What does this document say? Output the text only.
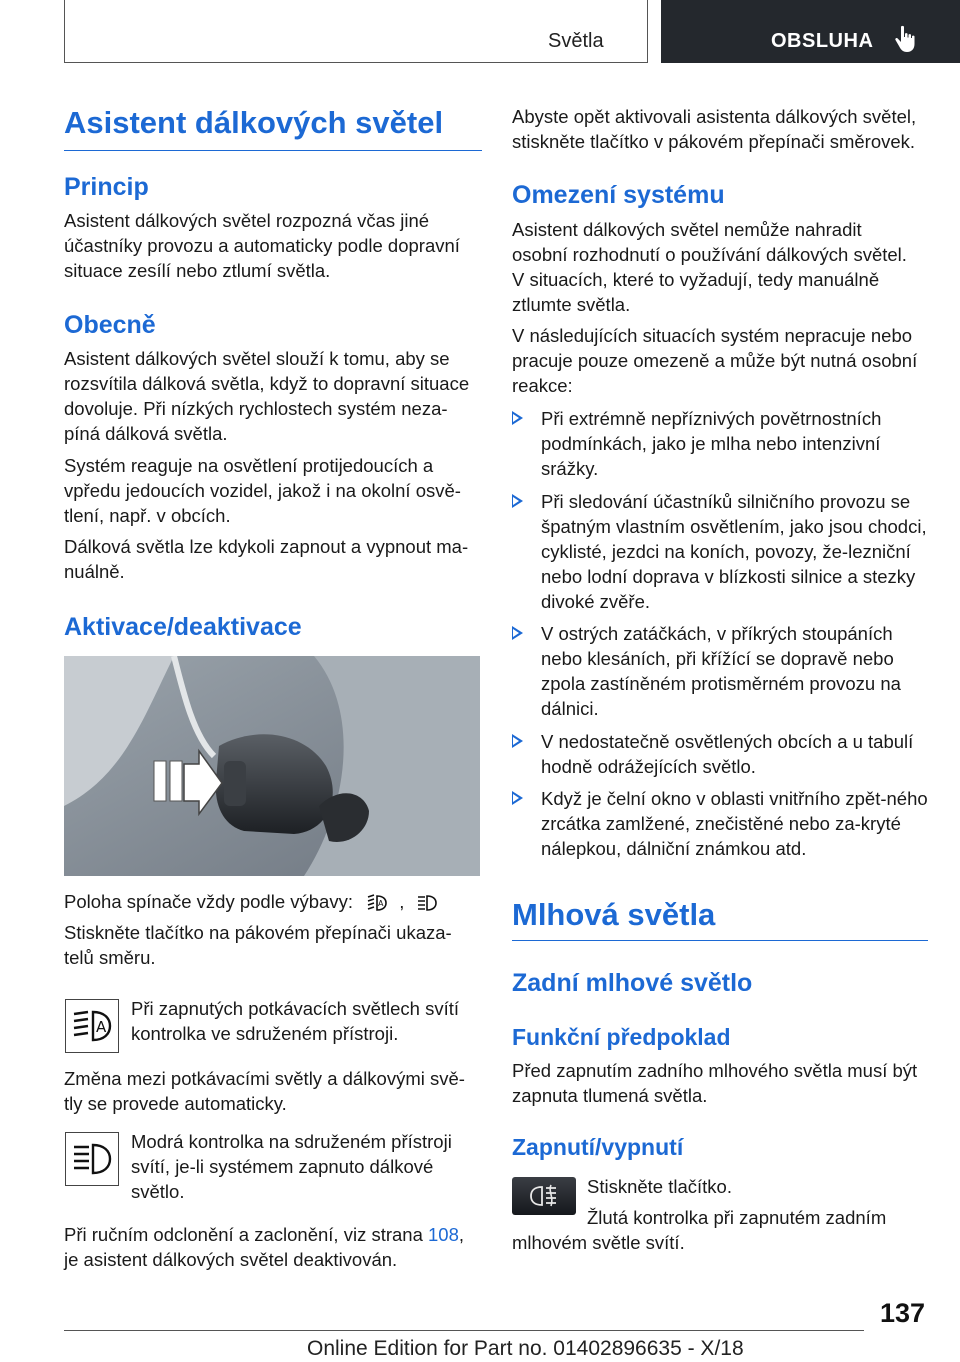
Světla	OBSLUHA
Asistent dálkových světel
Princip

Asistent dálkových světel rozpozná včas jiné účastníky provozu a automaticky podle dopravní situace zesílí nebo ztlumí světla.

Obecně

Asistent dálkových světel slouží k tomu, aby se rozsvítila dálková světla, když to dopravní situace dovoluje. Při nízkých rychlostech systém neza-píná dálková světla.

Systém reaguje na osvětlení protijedoucích a vpředu jedoucích vozidel, jakož i na okolní osvě-tlení, např. v obcích.

Dálková světla lze kdykoli zapnout a vypnout ma-nuálně.

Aktivace/deaktivace
Poloha spínače vždy podle výbavy:	A ,

Stiskněte tlačítko na pákovém přepínači ukaza-telů směru.

A

Při zapnutých potkávacích světlech svítí kontrolka ve sdruženém přístroji.

Změna mezi potkávacími světly a dálkovými svě-tly se provede automaticky.

Modrá kontrolka na sdruženém přístroji svítí, je-li systémem zapnuto dálkové světlo.

Při ručním odclonění a zaclonění, viz strana 108, je asistent dálkových světel deaktivován.

Abyste opět aktivovali asistenta dálkových světel, stiskněte tlačítko v pákovém přepínači směrovek.

Omezení systému

Asistent dálkových světel nemůže nahradit osobní rozhodnutí o používání dálkových světel. V situacích, které to vyžadují, tedy manuálně ztlumte světla.

V následujících situacích systém nepracuje nebo pracuje pouze omezeně a může být nutná osobní reakce:

Při extrémně nepříznivých povětrnostních podmínkách, jako je mlha nebo intenzivní srážky.
Při sledování účastníků silničního provozu se špatným vlastním osvětlením, jako jsou chodci, cyklisté, jezdci na koních, povozy, že-lezniční nebo lodní doprava v blízkosti silnice a stezky divoké zvěře.
V ostrých zatáčkách, v příkrých stoupáních nebo klesáních, při křížící se dopravě nebo zpola zastíněném protisměrném provozu na dálnici.
V nedostatečně osvětlených obcích a u tabulí hodně odrážejících světlo.
Když je čelní okno v oblasti vnitřního zpět-ného zrcátka zamlžené, znečistěné nebo za-kryté nálepkou, dálniční známkou atd.
Mlhová světla
Zadní mlhové světlo
Funkční předpoklad

Před zapnutím zadního mlhového světla musí být zapnuta tlumená světla.

Zapnutí/vypnutí

Stiskněte tlačítko.

Žlutá kontrolka při zapnutém zadním mlhovém světle svítí.

137
Online Edition for Part no. 01402896635 - X/18
